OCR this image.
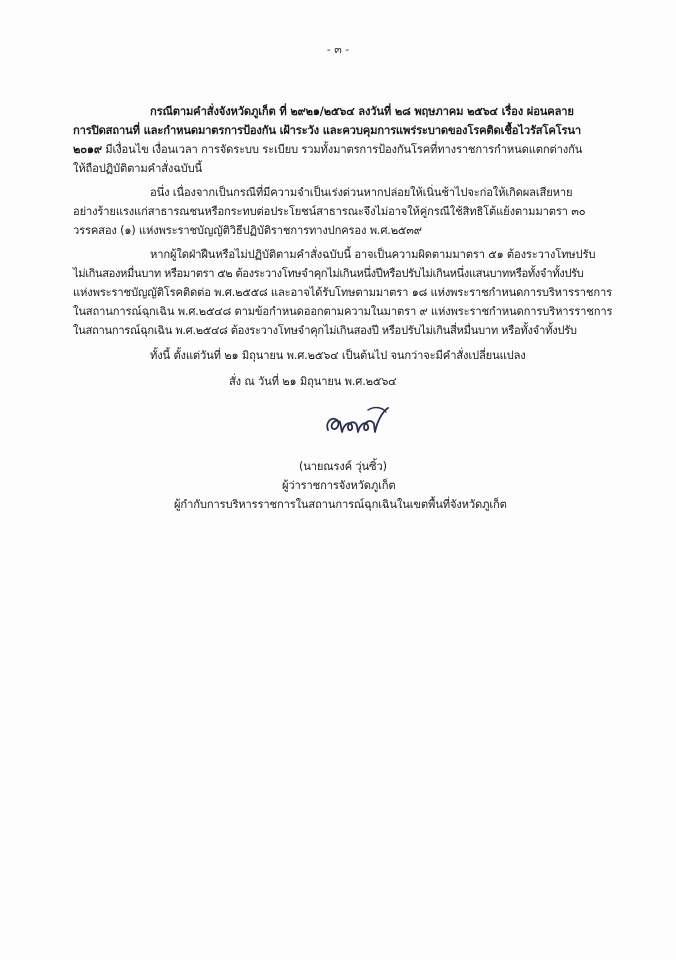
- ๓ -
กรณีตามคำสั่งจังหวัดภูเก็ต ที่ ๒๙๒๑/๒๕๖๔ ลงวันที่ ๒๘ พฤษภาคม ๒๕๖๔ เรื่อง ผ่อนคลาย
การปิดสถานที่ และกำหนดมาตรการป้องกัน เฝ้าระวัง และควบคุมการแพร่ระบาดของโรคติดเชื้อไวรัสโคโรนา
๒๐๑๙ มีเงื่อนไข เงื่อนเวลา การจัดระบบ ระเบียบ รวมทั้งมาตรการป้องกันโรคที่ทางราชการกำหนดแตกต่างกัน
ให้ถือปฏิบัติตามคำสั่งฉบับนี้
อนึ่ง เนื่องจากเป็นกรณีที่มีความจำเป็นเร่งด่วนหากปล่อยให้เนิ่นช้าไปจะก่อให้เกิดผลเสียหาย
อย่างร้ายแรงแก่สาธารณชนหรือกระทบต่อประโยชน์สาธารณะจึงไม่อาจให้คู่กรณีใช้สิทธิโต้แย้งตามมาตรา ๓๐
วรรคสอง (๑) แห่งพระราชบัญญัติวิธีปฏิบัติราชการทางปกครอง พ.ศ.๒๕๓๙
หากผู้ใดฝ่าฝืนหรือไม่ปฏิบัติตามคำสั่งฉบับนี้ อาจเป็นความผิดตามมาตรา ๕๑ ต้องระวางโทษปรับ
ไม่เกินสองหมื่นบาท หรือมาตรา ๕๒ ต้องระวางโทษจำคุกไม่เกินหนึ่งปีหรือปรับไม่เกินหนึ่งแสนบาทหรือทั้งจำทั้งปรับ
แห่งพระราชบัญญัติโรคติดต่อ พ.ศ.๒๕๕๘ และอาจได้รับโทษตามมาตรา ๑๘ แห่งพระราชกำหนดการบริหารราชการ
ในสถานการณ์ฉุกเฉิน พ.ศ.๒๕๔๘ ตามข้อกำหนดออกตามความในมาตรา ๙ แห่งพระราชกำหนดการบริหารราชการ
ในสถานการณ์ฉุกเฉิน พ.ศ.๒๕๔๘ ต้องระวางโทษจำคุกไม่เกินสองปี หรือปรับไม่เกินสี่หมื่นบาท หรือทั้งจำทั้งปรับ
ทั้งนี้ ตั้งแต่วันที่ ๒๑ มิถุนายน พ.ศ.๒๕๖๔ เป็นต้นไป จนกว่าจะมีคำสั่งเปลี่ยนแปลง
สั่ง ณ วันที่ ๒๑ มิถุนายน พ.ศ.๒๕๖๔
(นายณรงค์ วุ่นซิ้ว)
ผู้ว่าราชการจังหวัดภูเก็ต
ผู้กำกับการบริหารราชการในสถานการณ์ฉุกเฉินในเขตพื้นที่จังหวัดภูเก็ต
